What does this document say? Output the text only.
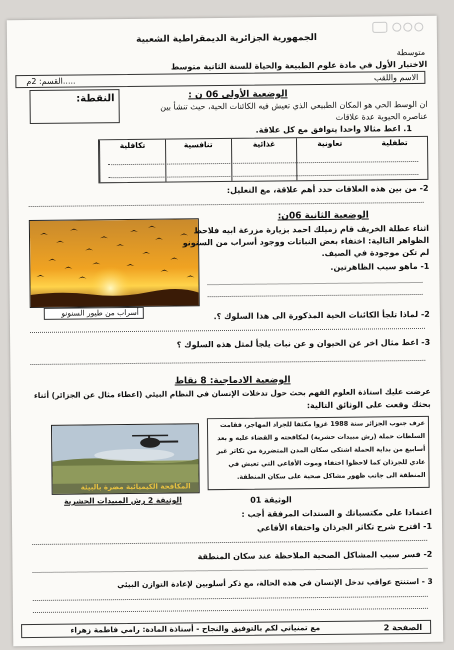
الجمهورية الجزائرية الديمقراطية الشعبية
متوسطة
الاختبار الأول في مادة علوم الطبيعة والحياة للسنة الثانية متوسط
الاسم واللقب
القسم: 2م.....
الوضعية الأولى 06 ن :
النقطة:
ان الوسط الحي هو المكان الطبيعي الذي تعيش فيه الكائنات الحية، حيث تنشأ بين
عناصره الحيوية عدة علاقات
1. اعط مثالا واحدا يتوافق مع كل علاقة.
تكافلية	تنافسية	غذائية	تعاونية	تطفلية
2- من بين هذه العلاقات حدد أهم علاقة، مع التعليل:
الوضعية الثانية 06ن:
أسراب من طيور السنونو
اثناء عطلة الخريف قام زميلك احمد بزيارة مزرعة ابيه فلاحظ
الظواهر التالية: اختفاء بعض النباتات ووجود أسراب من السنونو
لم تكن موجودة في الصيف.
1- ماهو سبب الظاهرتين.
2- لماذا تلجأ الكائنات الحية المذكورة الى هذا السلوك ؟.
3- اعط مثال اخر عن الحيوان و عن نبات يلجأ لمثل هذه السلوك ؟
الوضعية الادماجية: 8 نقاط
عرضت عليك استاذة العلوم الفهم بحث حول تدخلات الإنسان في النظام البيئي (اعطاء مثال عن الجزائر) أثناء
بحثك وقعت على الوثائق التالية:
المكافحة الكيميائية مضرة بالبيئة
عرف جنوب الجزائر سنة 1988 غزوا مكثفا للجراد المهاجر، فقامت
السلطات حملة (رش مبيدات حشرية) لمكافحته و القضاء عليه و بعد
أسابيع من بداية الحملة اشتكى سكان المدن المتضررة من تكاثر غير
عادي للجرذان كما لاحظوا اختفاء وموت الأفاعي التي تعيش في
المنطقة الى جانب ظهور مشاكل صحية على سكان المنطقة.
الوثيقة 2 رش المبيدات الحشرية	الوثيقة 01
اعتمادا على مكتسباتك و السندات المرفقة أجب :
1- اقترح شرح تكاثر الجرذان واختفاء الأفاعي
2- فسر سبب المشاكل الصحية الملاحظة عند سكان المنطقة
3 - استنتج عواقب تدخل الإنسان في هذه الحالة، مع ذكر أسلوبين لإعادة التوازن البيئي
الصفحة 2
مع تمنياتي لكم بالتوفيق والنجاح - أستاذة المادة: رامي فاطمة زهراء
